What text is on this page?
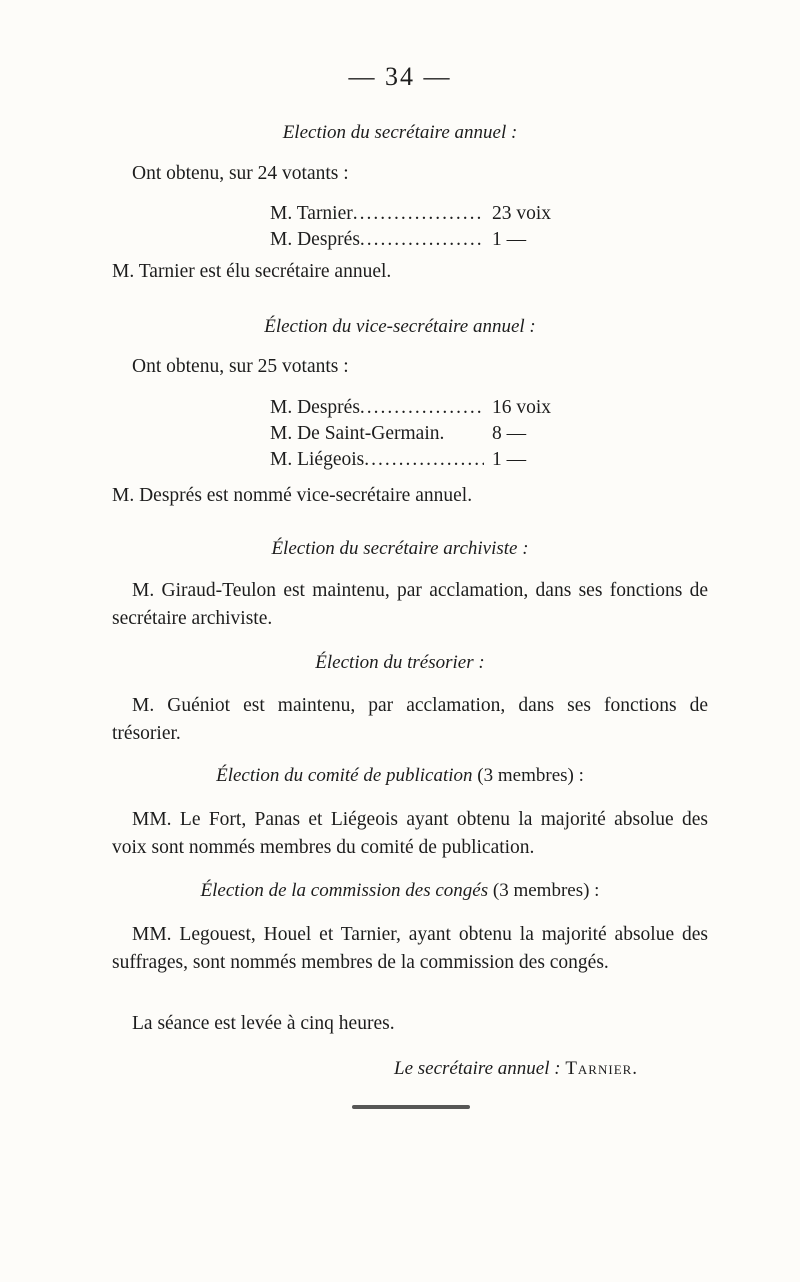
— 34 —
Election du secrétaire annuel :
Ont obtenu, sur 24 votants :
M. Tarnier .....	23 voix
M. Després .....	1 —
M. Tarnier est élu secrétaire annuel.
Élection du vice-secrétaire annuel :
Ont obtenu, sur 25 votants :
M. Després .....	16 voix
M. De Saint-Germain.	8 —
M. Liégeois .....	1 —
M. Després est nommé vice-secrétaire annuel.
Élection du secrétaire archiviste :
M. Giraud-Teulon est maintenu, par acclamation, dans ses fonctions de secrétaire archiviste.
Élection du trésorier :
M. Guéniot est maintenu, par acclamation, dans ses fonctions de trésorier.
Élection du comité de publication (3 membres) :
MM. Le Fort, Panas et Liégeois ayant obtenu la majorité absolue des voix sont nommés membres du comité de publication.
Élection de la commission des congés (3 membres) :
MM. Legouest, Houel et Tarnier, ayant obtenu la majorité absolue des suffrages, sont nommés membres de la commission des congés.
La séance est levée à cinq heures.
Le secrétaire annuel : Tarnier.
